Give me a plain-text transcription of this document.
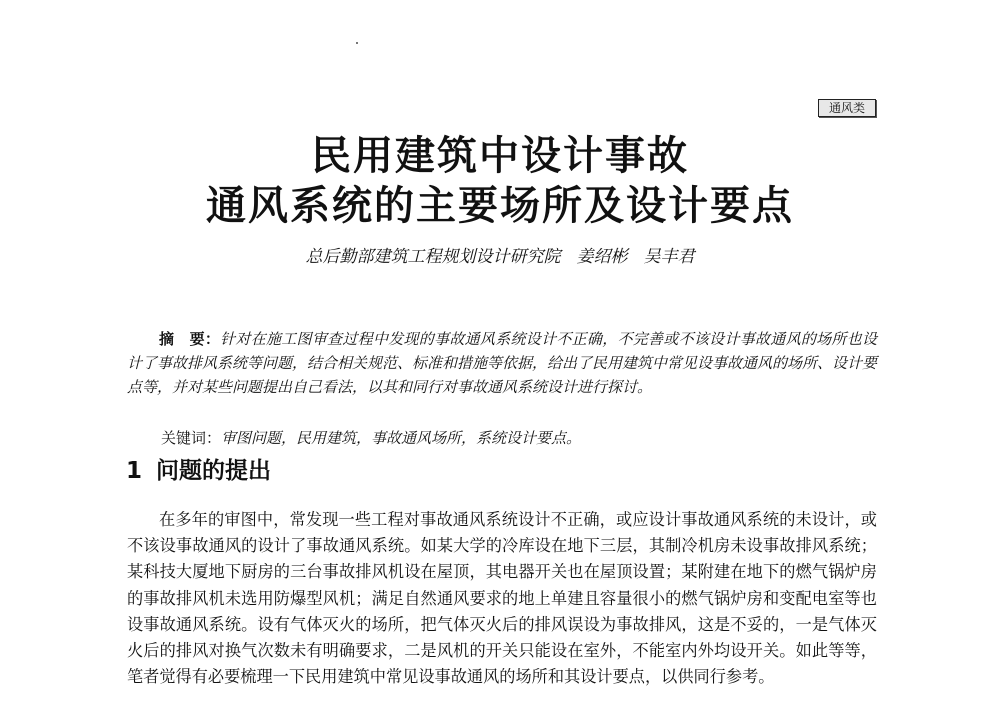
通风类
民用建筑中设计事故
通风系统的主要场所及设计要点
总后勤部建筑工程规划设计研究院 姜绍彬 吴丰君

摘　要：针对在施工图审查过程中发现的事故通风系统设计不正确，不完善或不该设计事故通风的场所也设计了事故排风系统等问题，结合相关规范、标准和措施等依据，给出了民用建筑中常见设事故通风的场所、设计要点等，并对某些问题提出自己看法，以其和同行对事故通风系统设计进行探讨。

关键词：审图问题，民用建筑，事故通风场所，系统设计要点。

1 问题的提出

在多年的审图中，常发现一些工程对事故通风系统设计不正确，或应设计事故通风系统的未设计，或不该设事故通风的设计了事故通风系统。如某大学的冷库设在地下三层，其制冷机房未设事故排风系统；某科技大厦地下厨房的三台事故排风机设在屋顶，其电器开关也在屋顶设置；某附建在地下的燃气锅炉房的事故排风机未选用防爆型风机；满足自然通风要求的地上单建且容量很小的燃气锅炉房和变配电室等也设事故通风系统。设有气体灭火的场所，把气体灭火后的排风误设为事故排风，这是不妥的，一是气体灭火后的排风对换气次数未有明确要求，二是风机的开关只能设在室外，不能室内外均设开关。如此等等，笔者觉得有必要梳理一下民用建筑中常见设事故通风的场所和其设计要点，以供同行参考。
